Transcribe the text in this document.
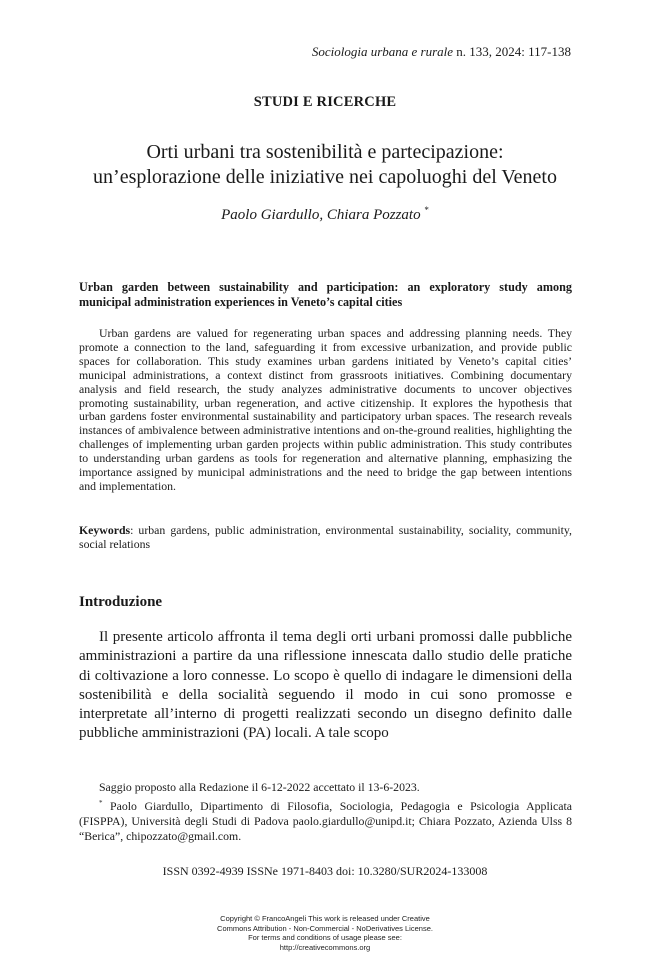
Sociologia urbana e rurale n. 133, 2024: 117-138
STUDI E RICERCHE
Orti urbani tra sostenibilità e partecipazione:
un’esplorazione delle iniziative nei capoluoghi del Veneto
Paolo Giardullo, Chiara Pozzato *
Urban garden between sustainability and participation: an exploratory study among municipal administration experiences in Veneto’s capital cities

Urban gardens are valued for regenerating urban spaces and addressing planning needs. They promote a connection to the land, safeguarding it from excessive urbanization, and provide public spaces for collaboration. This study examines urban gardens initiated by Veneto’s capital cities’ municipal administrations, a context distinct from grassroots initiatives. Combining documentary analysis and field research, the study analyzes administrative documents to uncover objectives promoting sustainability, urban regeneration, and active citizenship. It explores the hypothesis that urban gardens foster environmental sustainability and participatory urban spaces. The research reveals instances of ambivalence between administrative intentions and on-the-ground realities, highlighting the challenges of implementing urban garden projects within public administration. This study contributes to understanding urban gardens as tools for regeneration and alternative planning, emphasizing the importance assigned by municipal administrations and the need to bridge the gap between intentions and implementation.

Keywords: urban gardens, public administration, environmental sustainability, sociality, community, social relations

Introduzione

Il presente articolo affronta il tema degli orti urbani promossi dalle pubbliche amministrazioni a partire da una riflessione innescata dallo studio delle pratiche di coltivazione a loro connesse. Lo scopo è quello di indagare le dimensioni della sostenibilità e della socialità seguendo il modo in cui sono promosse e interpretate all’interno di progetti realizzati secondo un disegno definito dalle pubbliche amministrazioni (PA) locali. A tale scopo

Saggio proposto alla Redazione il 6-12-2022 accettato il 13-6-2023.
* Paolo Giardullo, Dipartimento di Filosofia, Sociologia, Pedagogia e Psicologia Applicata (FISPPA), Università degli Studi di Padova paolo.giardullo@unipd.it; Chiara Pozzato, Azienda Ulss 8 “Berica”, chipozzato@gmail.com.
ISSN 0392-4939 ISSNe 1971-8403 doi: 10.3280/SUR2024-133008
Copyright © FrancoAngeli This work is released under Creative
Commons Attribution - Non-Commercial - NoDerivatives License.
For terms and conditions of usage please see:
http://creativecommons.org
